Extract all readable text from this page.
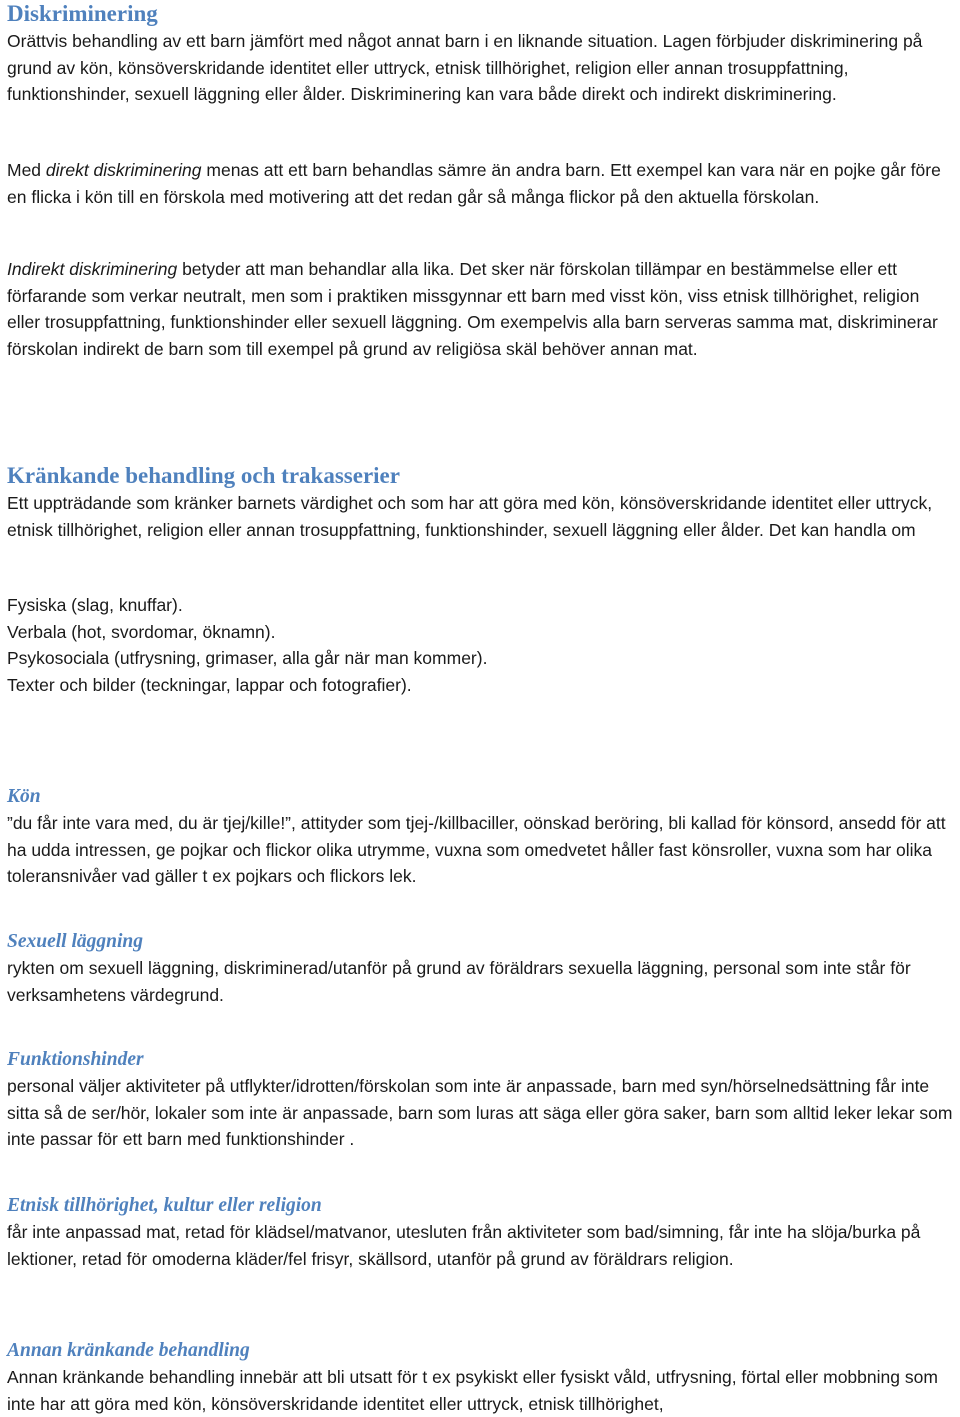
Diskriminering

Orättvis behandling av ett barn jämfört med något annat barn i en liknande situation. Lagen förbjuder diskriminering på grund av kön, könsöverskridande identitet eller uttryck, etnisk tillhörighet, religion eller annan trosuppfattning, funktionshinder, sexuell läggning eller ålder. Diskriminering kan vara både direkt och indirekt diskriminering.

Med direkt diskriminering menas att ett barn behandlas sämre än andra barn. Ett exempel kan vara när en pojke går före en flicka i kön till en förskola med motivering att det redan går så många flickor på den aktuella förskolan.

Indirekt diskriminering betyder att man behandlar alla lika. Det sker när förskolan tillämpar en bestämmelse eller ett förfarande som verkar neutralt, men som i praktiken missgynnar ett barn med visst kön, viss etnisk tillhörighet, religion eller trosuppfattning, funktionshinder eller sexuell läggning. Om exempelvis alla barn serveras samma mat, diskriminerar förskolan indirekt de barn som till exempel på grund av religiösa skäl behöver annan mat.

Kränkande behandling och trakasserier

Ett uppträdande som kränker barnets värdighet och som har att göra med kön, könsöverskridande identitet eller uttryck, etnisk tillhörighet, religion eller annan trosuppfattning, funktionshinder, sexuell läggning eller ålder. Det kan handla om

Fysiska (slag, knuffar).

Verbala (hot, svordomar, öknamn).

Psykosociala (utfrysning, grimaser, alla går när man kommer).

Texter och bilder (teckningar, lappar och fotografier).

Kön

”du får inte vara med, du är tjej/kille!”, attityder som tjej-/killbaciller, oönskad beröring, bli kallad för könsord, ansedd för att ha udda intressen, ge pojkar och flickor olika utrymme, vuxna som omedvetet håller fast könsroller, vuxna som har olika toleransnivåer vad gäller t ex pojkars och flickors lek.

Sexuell läggning

rykten om sexuell läggning, diskriminerad/utanför på grund av föräldrars sexuella läggning, personal som inte står för verksamhetens värdegrund.

Funktionshinder

personal väljer aktiviteter på utflykter/idrotten/förskolan som inte är anpassade, barn med syn/hörselnedsättning får inte sitta så de ser/hör, lokaler som inte är anpassade, barn som luras att säga eller göra saker, barn som alltid leker lekar som inte passar för ett barn med funktionshinder .

Etnisk tillhörighet, kultur eller religion

får inte anpassad mat, retad för klädsel/matvanor, utesluten från aktiviteter som bad/simning, får inte ha slöja/burka på lektioner, retad för omoderna kläder/fel frisyr, skällsord, utanför på grund av föräldrars religion.

Annan kränkande behandling

Annan kränkande behandling innebär att bli utsatt för t ex psykiskt eller fysiskt våld, utfrysning, förtal eller mobbning som inte har att göra med kön, könsöverskridande identitet eller uttryck, etnisk tillhörighet,
